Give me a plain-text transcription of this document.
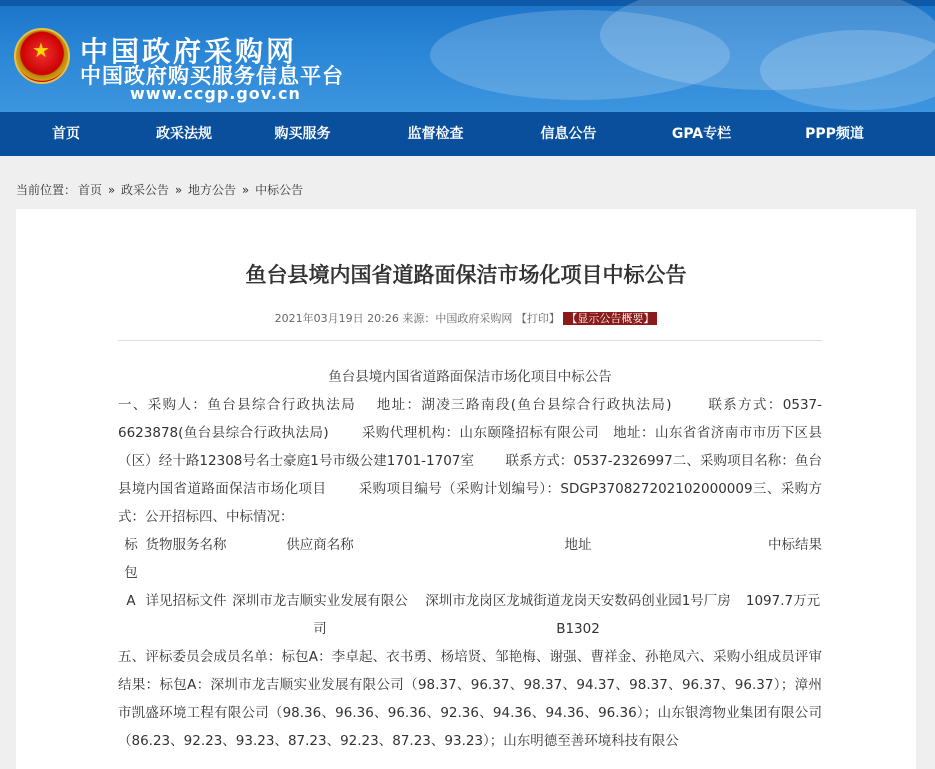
★ 中国政府采购网
中国政府购买服务信息平台
www.ccgp.gov.cn
首页	政采法规	购买服务	监督检查	信息公告	GPA专栏	PPP频道
当前位置： 首页 » 政采公告 » 地方公告 » 中标公告
鱼台县境内国省道路面保洁市场化项目中标公告
2021年03月19日 20:26 来源：中国政府采购网 【打印】 【显示公告概要】
鱼台县境内国省道路面保洁市场化项目中标公告

一、采购人：鱼台县综合行政执法局　 地址：湖凌三路南段(鱼台县综合行政执法局)　　 联系方式：0537-6623878(鱼台县综合行政执法局)　　 采购代理机构：山东颐隆招标有限公司　地址：山东省省济南市市历下区县（区）经十路12308号名士豪庭1号市级公建1701-1707室　　 联系方式：0537-2326997二、采购项目名称：鱼台县境内国省道路面保洁市场化项目　　 采购项目编号（采购计划编号）：SDGP370827202102000009三、采购方式：公开招标四、中标情况：

标包	货物服务名称	供应商名称	地址	中标结果
A	详见招标文件	深圳市龙吉顺实业发展有限公司	深圳市龙岗区龙城街道龙岗天安数码创业园1号厂房B1302	1097.7万元

五、评标委员会成员名单：标包A：李卓起、衣书勇、杨培贤、邹艳梅、谢强、曹祥金、孙艳凤六、采购小组成员评审结果：标包A：深圳市龙吉顺实业发展有限公司（98.37、96.37、98.37、94.37、98.37、96.37、96.37）；漳州市凯盛环境工程有限公司（98.36、96.36、96.36、92.36、94.36、94.36、96.36）；山东银湾物业集团有限公司（86.23、92.23、93.23、87.23、92.23、87.23、93.23）；山东明德至善环境科技有限公
